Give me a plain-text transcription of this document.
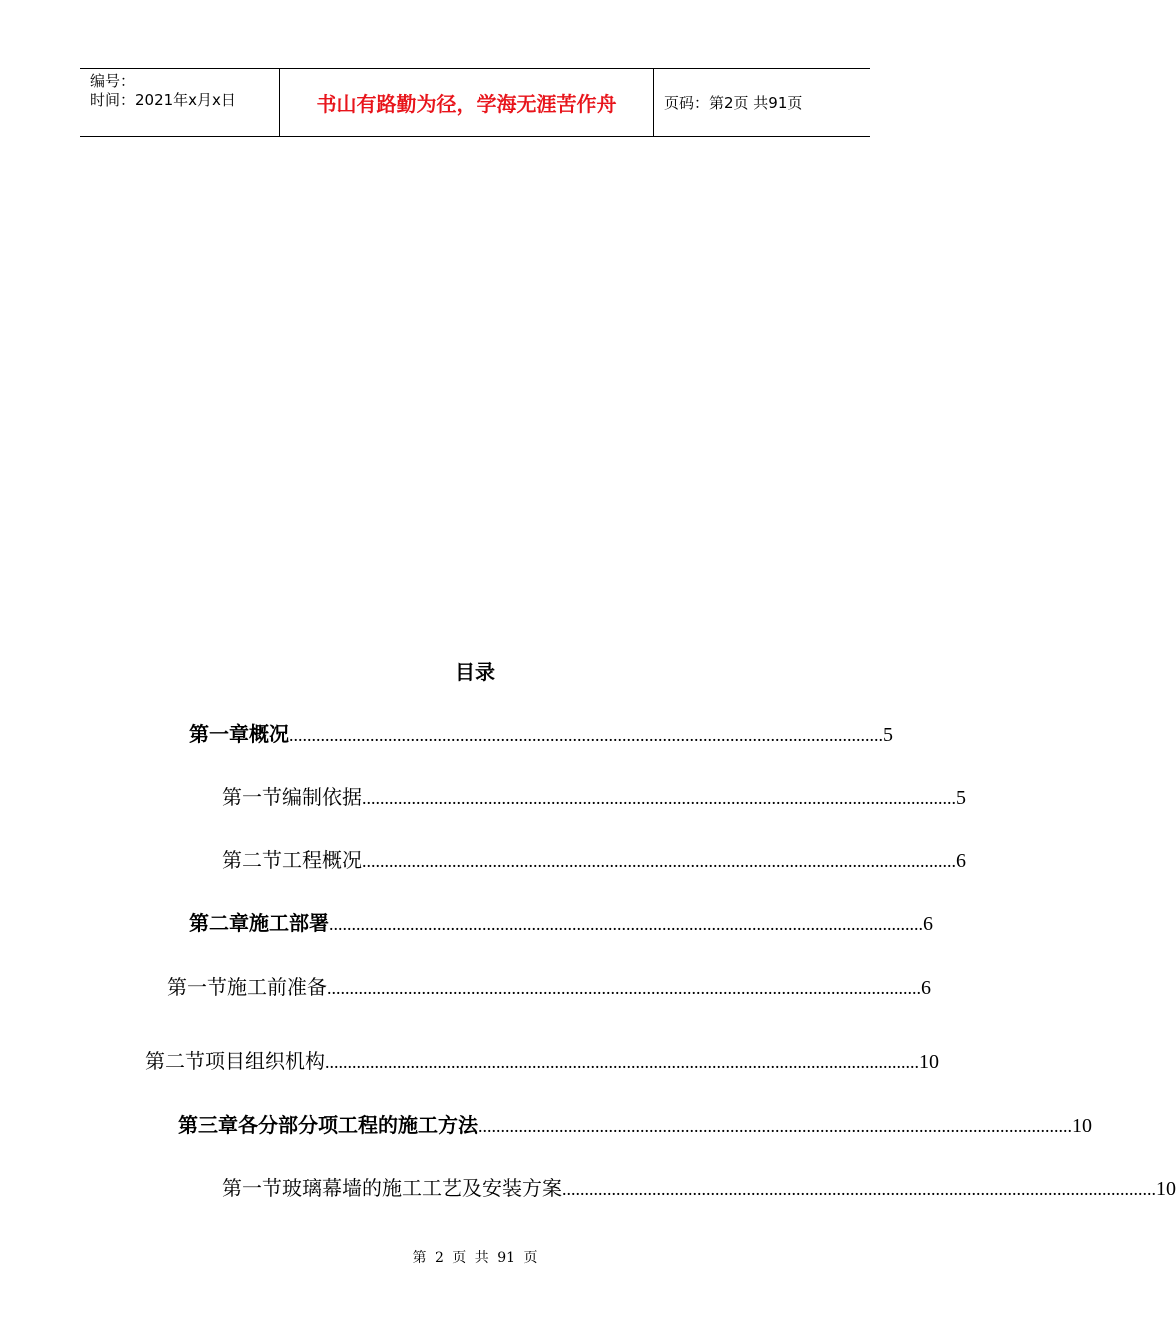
编号：
时间：2021年x月x日	书山有路勤为径，学海无涯苦作舟	页码：第2页 共91页
目录
第一章 概况 .................................................................................................................................... 5
第一节 编制依据 .................................................................................................................................... 5
第二节 工程概况 .................................................................................................................................... 6
第二章 施工部署 .................................................................................................................................... 6
第一节 施工前准备 .................................................................................................................................... 6
第二节 项目组织机构 .................................................................................................................................... 10
第三章 各分部分项工程的施工方法 .................................................................................................................................... 10
第一节 玻璃幕墙的施工工艺及安装方案 .................................................................................................................................... 10
第 2 页 共 91 页
